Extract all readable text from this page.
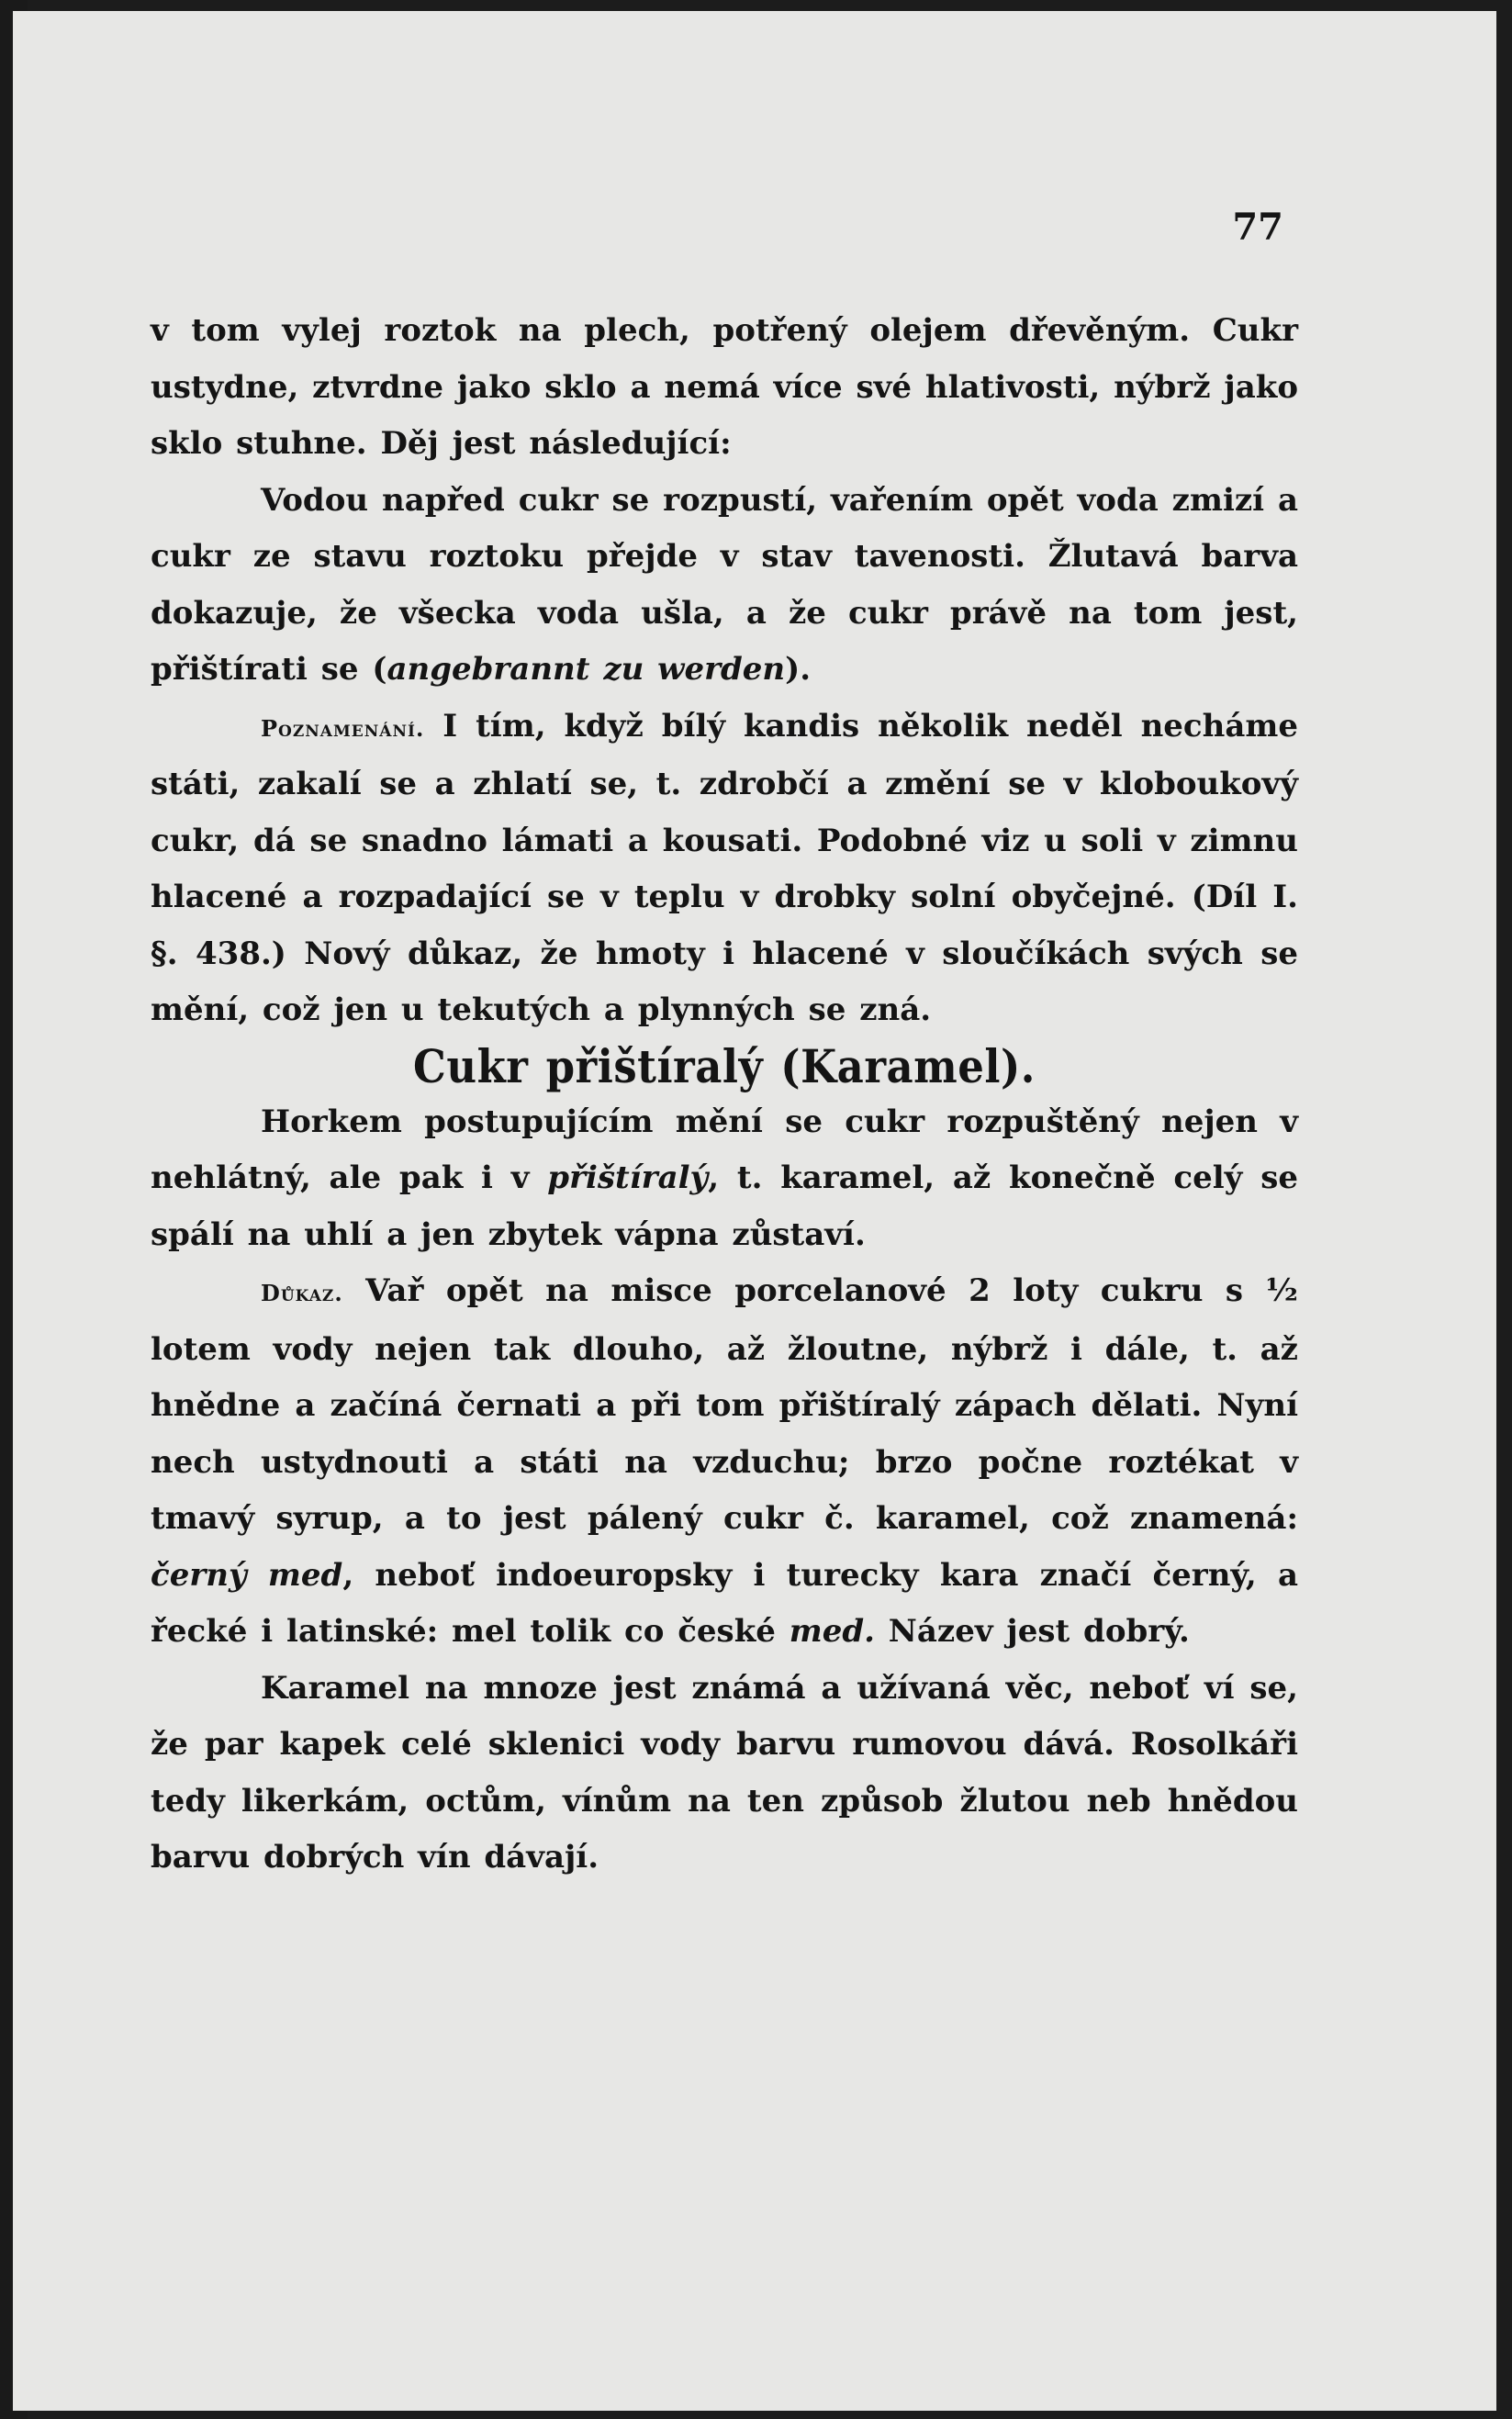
77

v tom vylej roztok na plech, potřený olejem dřevěným. Cukr ustydne, ztvrdne jako sklo a nemá více své hlativosti, nýbrž jako sklo stuhne. Děj jest následující:

Vodou napřed cukr se rozpustí, vařením opět voda zmizí a cukr ze stavu roztoku přejde v stav tavenosti. Žlutavá barva dokazuje, že všecka voda ušla, a že cukr právě na tom jest, přištírati se (angebrannt zu werden).

Poznamenání. I tím, když bílý kandis několik neděl necháme státi, zakalí se a zhlatí se, t. zdrobčí a změní se v kloboukový cukr, dá se snadno lámati a kousati. Podobné viz u soli v zimnu hlacené a rozpadající se v teplu v drobky solní obyčejné. (Díl I. §. 438.) Nový důkaz, že hmoty i hlacené v sloučíkách svých se mění, což jen u tekutých a plynných se zná.

Cukr přištíralý (Karamel).

Horkem postupujícím mění se cukr rozpuštěný nejen v nehlátný, ale pak i v přištíralý, t. karamel, až konečně celý se spálí na uhlí a jen zbytek vápna zůstaví.

Důkaz. Vař opět na misce porcelanové 2 loty cukru s ½ lotem vody nejen tak dlouho, až žloutne, nýbrž i dále, t. až hnědne a začíná černati a při tom přištíralý zápach dělati. Nyní nech ustydnouti a státi na vzduchu; brzo počne roztékat v tmavý syrup, a to jest pálený cukr č. karamel, což znamená: černý med, neboť indoeuropsky i turecky kara značí černý, a řecké i latinské: mel tolik co české med. Název jest dobrý.

Karamel na mnoze jest známá a užívaná věc, neboť ví se, že par kapek celé sklenici vody barvu rumovou dává. Rosolkáři tedy likerkám, octům, vínům na ten způsob žlutou neb hnědou barvu dobrých vín dávají.
